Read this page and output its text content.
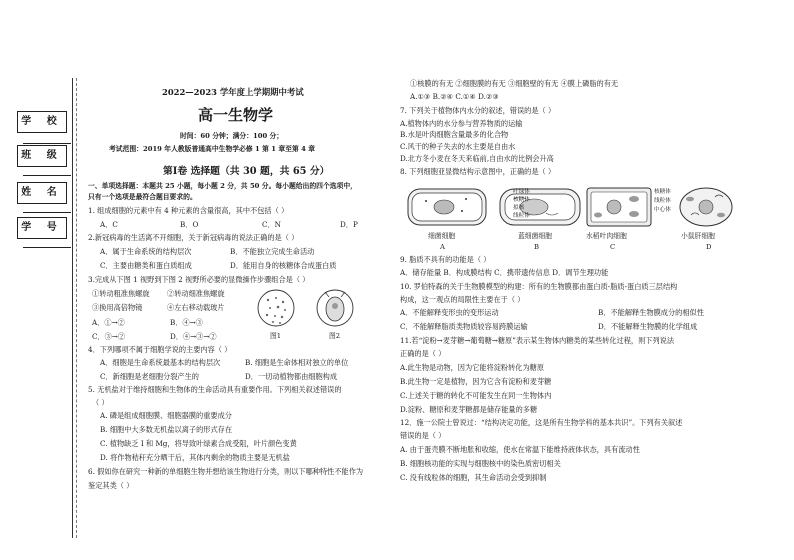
学 校
班 级
姓 名
学 号
2022—2023 学年度上学期期中考试
高一生物学
时间：60 分钟；满分：100 分；
考试范围：2019 年人教版普通高中生物学必修 1 第 1 章至第 4 章
第Ⅰ卷 选择题（共 30 题，共 65 分）
一、单项选择题：本题共 25 小题，每小题 2 分，共 50 分。每小题给出的四个选项中，
只有一个选项是最符合题目要求的。
1. 组成细胞的元素中有 4 种元素的含量很高，其中不包括（ ）
A．C	B．O	C．N	D．P
2.新冠病毒的生活离不开细胞，关于新冠病毒的说法正确的是（ ）
A．属于生命系统的结构层次	B．不能独立完成生命活动
C．主要由糖类和蛋白质组成	D．能用自身的核糖体合成蛋白质
3.完成从下图 1 视野到下图 2 视野所必要的显微操作步骤组合是（ ）
①转动粗准焦螺旋 ②转动细准焦螺旋
③换用高倍物镜	④左右移动载玻片
A．①→②	B．④→③
C．③→②	D．④→③→②	图1	图2
4．下列哪项不属于细胞学说的主要内容（ ）
A．细胞是生命系统最基本的结构层次	B. 细胞是生命体相对独立的单位
C．新细胞是老细胞分裂产生的	D．一切动植物都由细胞构成
5. 无机盐对于维持细胞和生物体的生命活动具有重要作用。下列相关叙述错误的
（ ）
A. 磷是组成细胞膜、细胞器膜的重要成分
B. 细胞中大多数无机盐以离子的形式存在
C. 植物缺乏 Ⅰ 和 Mg，将导致叶绿素合成受阻，叶片颜色变黄
D. 将作物秸秆充分晒干后，其体内剩余的物质主要是无机盐
6. 假如你在研究一种新的单细胞生物并想给该生物进行分类，则以下哪种特性不能作为
鉴定其类（ ）
①核膜的有无 ②细胞膜的有无 ③细胞壁的有无 ④膜上磷脂的有无
A.①③ B.②④ C.①④ D.②③
7. 下列关于植物体内水分的叙述，错误的是（ ）
A.植物体内的水分参与营养物质的运输
B.水是叶肉细胞含量最多的化合物
C.风干的种子失去的水主要是自由水
D.北方冬小麦在冬天来临前,自由水的比例会升高
8. 下列细胞亚显微结构示意图中，正确的是（ ）
细菌细胞
A
叶绿体
核糖体
拟核
线粒体
蓝细菌细胞
B
核糖体
线粒体
中心体
水稻叶肉细胞
C
小鼠肝细胞
D
9. 脂质不具有的功能是（ ）
A．储存能量 B．构成膜结构 C．携带遗传信息 D．调节生理功能
10. 罗伯特森的关于生物膜模型的构建：所有的生物膜都由蛋白质-脂质-蛋白质三层结构
构成，这一观点的局限性主要在于（ ）
A．不能解释变形虫的变形运动	B．不能解释生物膜成分的相似性
C．不能解释脂质类物质较容易跨膜运输	D．不能解释生物膜的化学组成
11.若“淀粉→麦芽糖→葡萄糖→糖原”表示某生物体内糖类的某些转化过程，则下列说法
正确的是（ ）
A.此生物是动物，因为它能将淀粉转化为糖原
B.此生物一定是植物，因为它含有淀粉和麦芽糖
C.上述关于糖的转化不可能发生在同一生物体内
D.淀粉、糖原和麦芽糖都是储存能量的多糖
12．施一公院士曾说过：“结构决定功能，这是所有生物学科的基本共识”。下列有关叙述
错误的是（ ）
A. 由于蛋壳膜不断地胀和收缩，使水在常温下能维持液体状态，具有流动性
B. 细胞核功能的实现与细胞核中的染色质密切相关
C. 没有线粒体的细胞，其生命活动会受到抑制
